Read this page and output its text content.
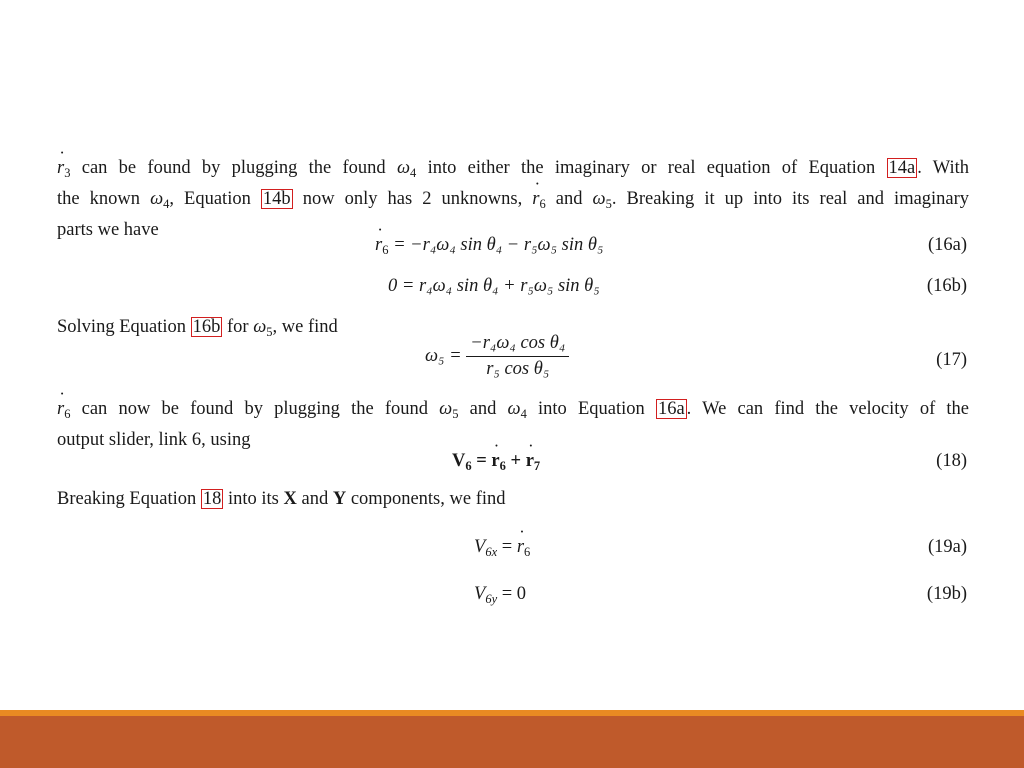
r $˙_3$ can be found by plugging the found $\omega_4$ into either the imaginary or real equation of Equation 14a . With
the known $\omega_4$, Equation 14b now only has 2 unknowns, r $˙_6$ and $\omega_5$. Breaking it up into its real and imaginary
parts we have
r $˙_6 = -r_4\omega_4$ sin θ₄ − r₅ω₅ sin θ₅	(16a)
0 = r₄ω₄ sin θ₄ + r₅ω₅ sin θ₅	(16b)
Solving Equation 16b for $\omega_5$, we find
$\omega_5 = \frac{\text{−r₄ω₄ cos θ₄}}{\text{r₅ cos θ₅}}$	(17)
r $˙_6$ can now be found by plugging the found $\omega_5$ and $\omega_4$ into Equation 16a . We can find the velocity of the
output slider, link 6, using
$V_6 = r$ $˙_6 + r$ $˙_7$	(18)
Breaking Equation 18 into its X and Y components, we find
$V_{6x} = r$ $˙_6$	(19a)
$V_{6y} = 0$	(19b)
